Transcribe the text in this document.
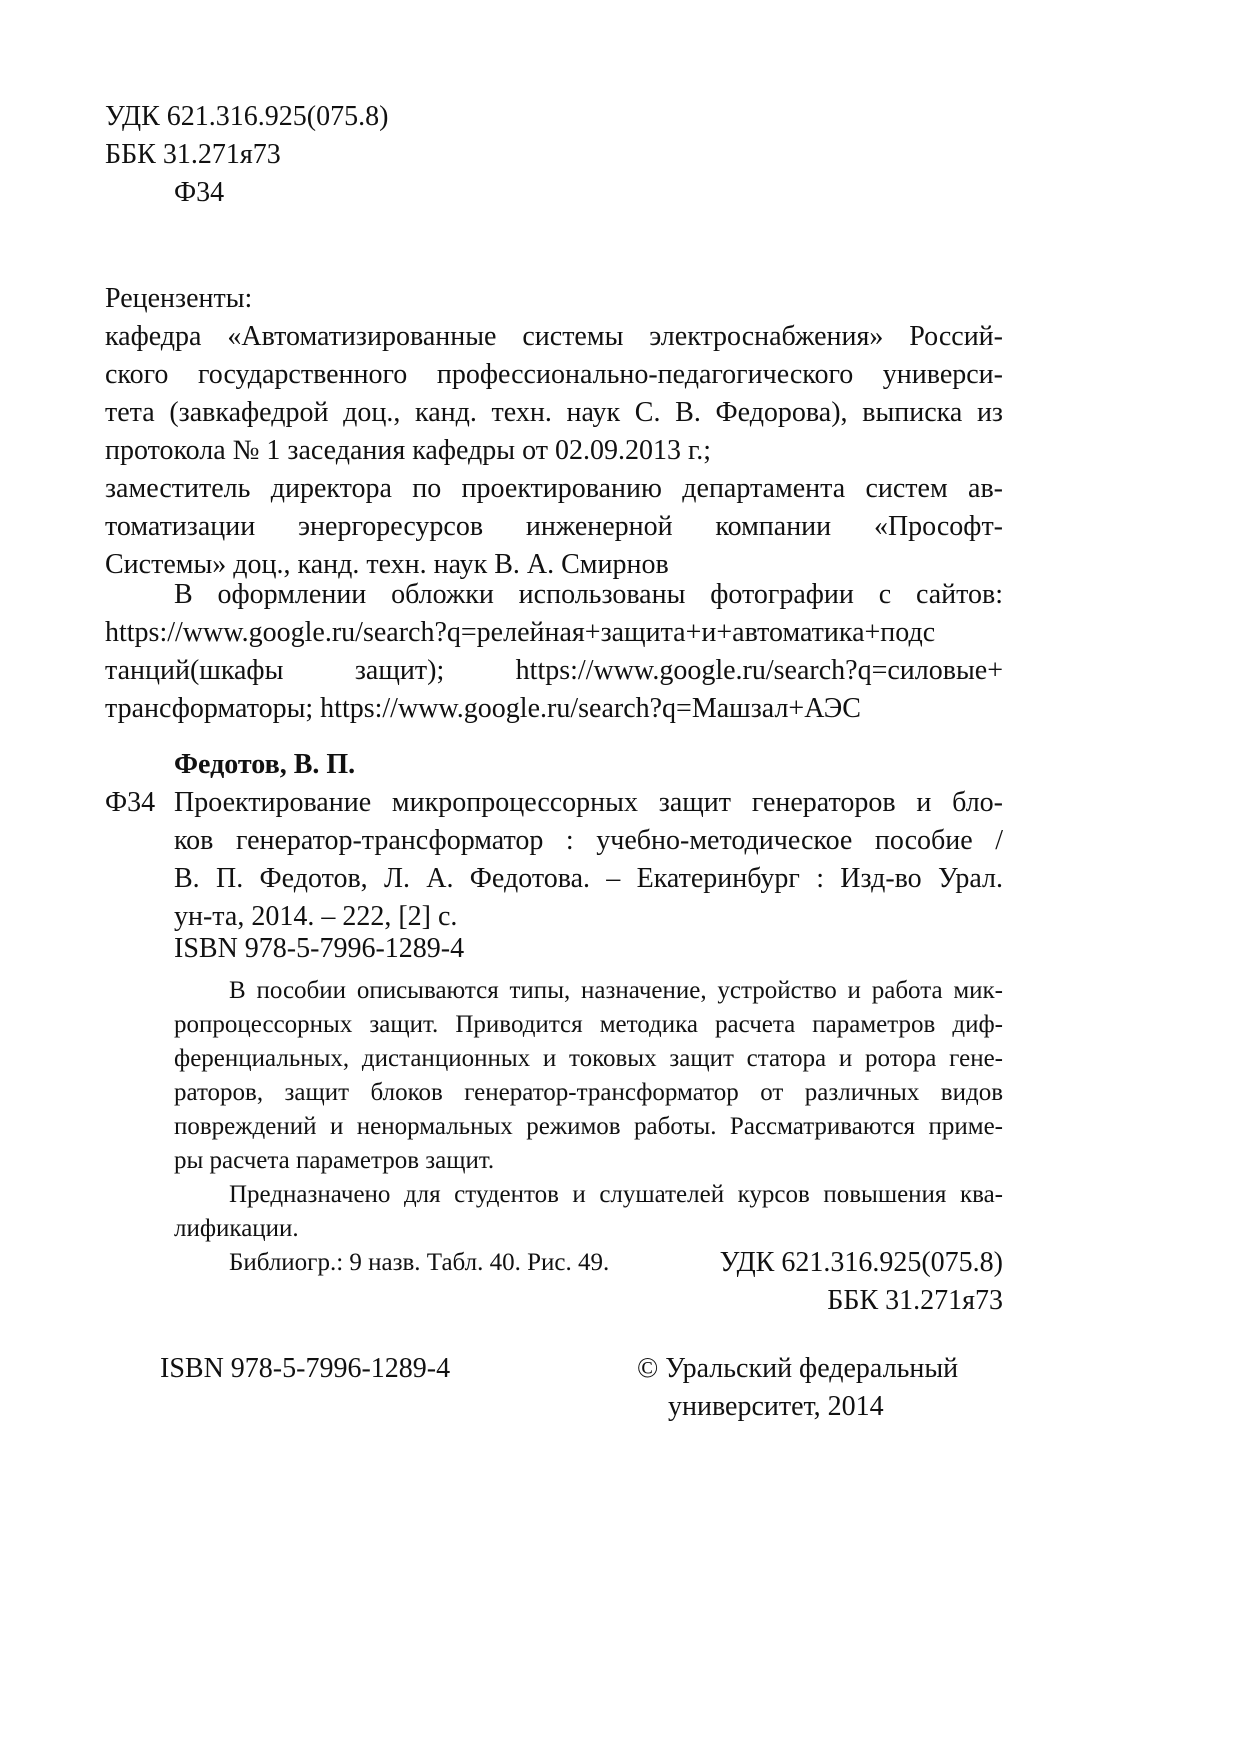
УДК 621.316.925(075.8)
ББК 31.271я73
Ф34
Рецензенты:
кафедра «Автоматизированные системы электроснабжения» Россий-
ского государственного профессионально-педагогического универси-
тета (завкафедрой доц., канд. техн. наук С. В. Федорова), выписка из
протокола № 1 заседания кафедры от 02.09.2013 г.;
заместитель директора по проектированию департамента систем ав-
томатизации энергоресурсов инженерной компании «Прософт-
Системы» доц., канд. техн. наук В. А. Смирнов
В оформлении обложки использованы фотографии с сайтов:
https://www.google.ru/search?q=релейная+защита+и+автоматика+подс
танций(шкафы защит); https://www.google.ru/search?q=силовые+
трансформаторы; https://www.google.ru/search?q=Машзал+АЭС
Федотов, В. П.
Ф34 Проектирование микропроцессорных защит генераторов и бло-
ков генератор-трансформатор : учебно-методическое пособие /
В. П. Федотов, Л. А. Федотова. – Екатеринбург : Изд-во Урал.
ун-та, 2014. – 222, [2] с.
ISBN 978-5-7996-1289-4
В пособии описываются типы, назначение, устройство и работа мик-
ропроцессорных защит. Приводится методика расчета параметров диф-
ференциальных, дистанционных и токовых защит статора и ротора гене-
раторов, защит блоков генератор-трансформатор от различных видов
повреждений и ненормальных режимов работы. Рассматриваются приме-
ры расчета параметров защит.
Предназначено для студентов и слушателей курсов повышения ква-
лификации.
Библиогр.: 9 назв. Табл. 40. Рис. 49.	УДК 621.316.925(075.8)
ББК 31.271я73
ISBN 978-5-7996-1289-4	© Уральский федеральный
университет, 2014
